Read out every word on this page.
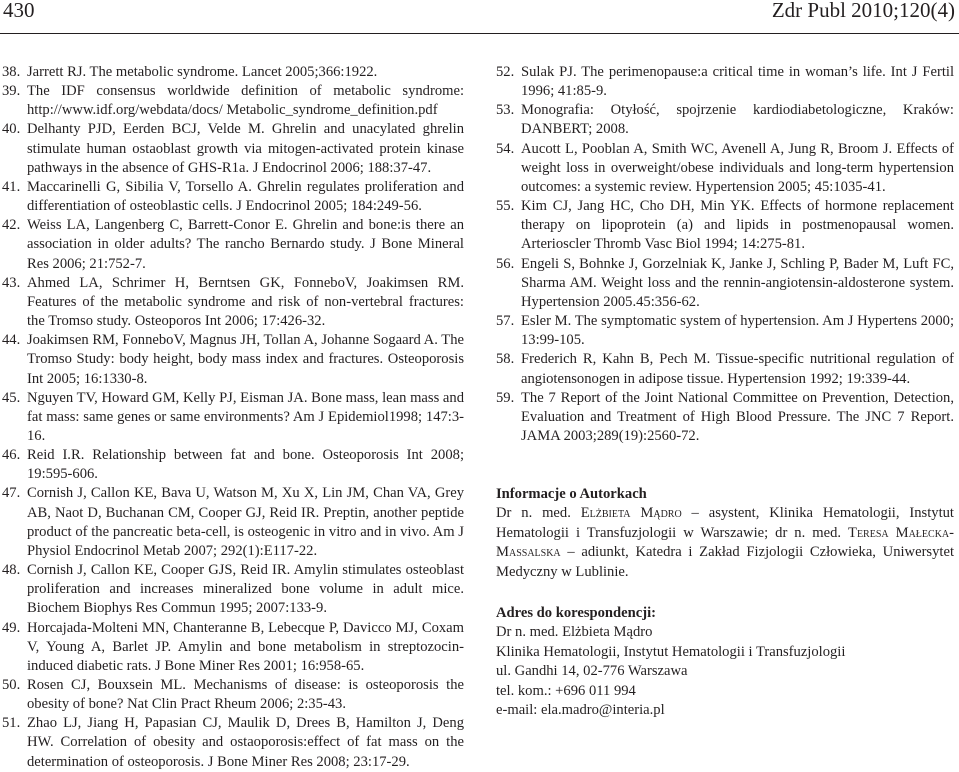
430	Zdr Publ 2010;120(4)

38. Jarrett RJ. The metabolic syndrome. Lancet 2005;366:1922.

39. The IDF consensus worldwide definition of metabolic syndrome: http://www.idf.org/webdata/docs/ Metabolic_syndrome_definition.pdf

40. Delhanty PJD, Eerden BCJ, Velde M. Ghrelin and unacylated ghrelin stimulate human ostaoblast growth via mitogen-activated protein kinase pathways in the absence of GHS-R1a. J Endocrinol 2006; 188:37-47.

41. Maccarinelli G, Sibilia V, Torsello A. Ghrelin regulates proliferation and differentiation of osteoblastic cells. J Endocrinol 2005; 184:249-56.

42. Weiss LA, Langenberg C, Barrett-Conor E. Ghrelin and bone:is there an association in older adults? The rancho Bernardo study. J Bone Mineral Res 2006; 21:752-7.

43. Ahmed LA, Schrimer H, Berntsen GK, FonneboV, Joakimsen RM. Features of the metabolic syndrome and risk of non-vertebral fractures: the Tromso study. Osteoporos Int 2006; 17:426-32.

44. Joakimsen RM, FonneboV, Magnus JH, Tollan A, Johanne Sogaard A. The Tromso Study: body height, body mass index and fractures. Osteoporosis Int 2005; 16:1330-8.

45. Nguyen TV, Howard GM, Kelly PJ, Eisman JA. Bone mass, lean mass and fat mass: same genes or same environments? Am J Epidemiol1998; 147:3-16.

46. Reid I.R. Relationship between fat and bone. Osteoporosis Int 2008; 19:595-606.

47. Cornish J, Callon KE, Bava U, Watson M, Xu X, Lin JM, Chan VA, Grey AB, Naot D, Buchanan CM, Cooper GJ, Reid IR. Preptin, another peptide product of the pancreatic beta-cell, is osteogenic in vitro and in vivo. Am J Physiol Endocrinol Metab 2007; 292(1):E117-22.

48. Cornish J, Callon KE, Cooper GJS, Reid IR. Amylin stimulates osteoblast proliferation and increases mineralized bone volume in adult mice. Biochem Biophys Res Commun 1995; 2007:133-9.

49. Horcajada-Molteni MN, Chanteranne B, Lebecque P, Davicco MJ, Coxam V, Young A, Barlet JP. Amylin and bone metabolism in streptozocin-induced diabetic rats. J Bone Miner Res 2001; 16:958-65.

50. Rosen CJ, Bouxsein ML. Mechanisms of disease: is osteoporosis the obesity of bone? Nat Clin Pract Rheum 2006; 2:35-43.

51. Zhao LJ, Jiang H, Papasian CJ, Maulik D, Drees B, Hamilton J, Deng HW. Correlation of obesity and ostaoporosis:effect of fat mass on the determination of osteoporosis. J Bone Miner Res 2008; 23:17-29.

52. Sulak PJ. The perimenopause:a critical time in woman’s life. Int J Fertil 1996; 41:85-9.

53. Monografia: Otyłość, spojrzenie kardiodiabetologiczne, Kraków: DANBERT; 2008.

54. Aucott L, Pooblan A, Smith WC, Avenell A, Jung R, Broom J. Effects of weight loss in overweight/obese individuals and long-term hypertension outcomes: a systemic review. Hypertension 2005; 45:1035-41.

55. Kim CJ, Jang HC, Cho DH, Min YK. Effects of hormone replacement therapy on lipoprotein (a) and lipids in postmenopausal women. Arterioscler Thromb Vasc Biol 1994; 14:275-81.

56. Engeli S, Bohnke J, Gorzelniak K, Janke J, Schling P, Bader M, Luft FC, Sharma AM. Weight loss and the rennin-angiotensin-aldosterone system. Hypertension 2005.45:356-62.

57. Esler M. The symptomatic system of hypertension. Am J Hypertens 2000; 13:99-105.

58. Frederich R, Kahn B, Pech M. Tissue-specific nutritional regulation of angiotensonogen in adipose tissue. Hypertension 1992; 19:339-44.

59. The 7 Report of the Joint National Committee on Prevention, Detection, Evaluation and Treatment of High Blood Pressure. The JNC 7 Report. JAMA 2003;289(19):2560-72.

Informacje o Autorkach
Dr n. med. Elżbieta Mądro – asystent, Klinika Hematologii, Instytut Hematologii i Transfuzjologii w Warszawie; dr n. med. Teresa Małecka-Massalska – adiunkt, Katedra i Zakład Fizjologii Człowieka, Uniwersytet Medyczny w Lublinie.
Adres do korespondencji:
Dr n. med. Elżbieta Mądro
Klinika Hematologii, Instytut Hematologii i Transfuzjologii
ul. Gandhi 14, 02-776 Warszawa
tel. kom.: +696 011 994
e-mail: ela.madro@interia.pl
